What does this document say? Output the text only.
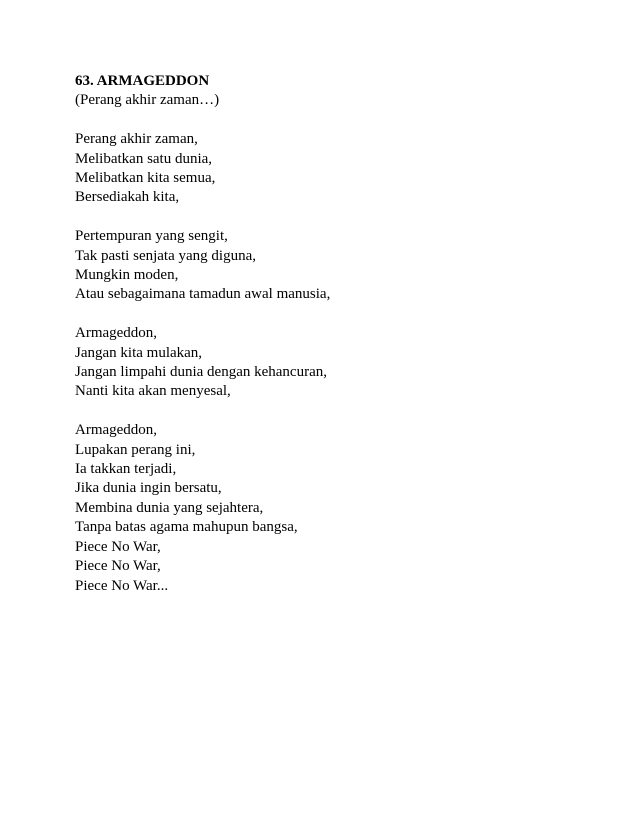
63. ARMAGEDDON
(Perang akhir zaman…)
Perang akhir zaman,
Melibatkan satu dunia,
Melibatkan kita semua,
Bersediakah kita,
Pertempuran yang sengit,
Tak pasti senjata yang diguna,
Mungkin moden,
Atau sebagaimana tamadun awal manusia,
Armageddon,
Jangan kita mulakan,
Jangan limpahi dunia dengan kehancuran,
Nanti kita akan menyesal,
Armageddon,
Lupakan perang ini,
Ia takkan terjadi,
Jika dunia ingin bersatu,
Membina dunia yang sejahtera,
Tanpa batas agama mahupun bangsa,
Piece No War,
Piece No War,
Piece No War...
